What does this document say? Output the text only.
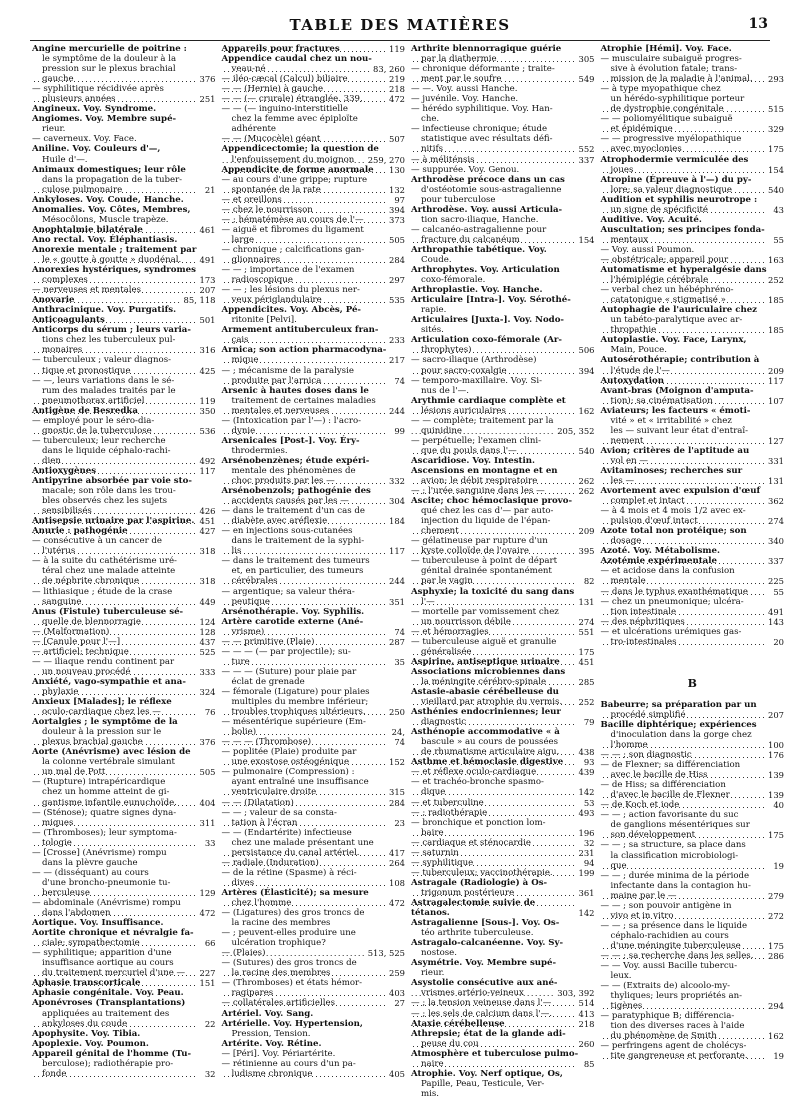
TABLE DES MATIÈRES	13
Angine mercurielle de poitrine :
le symptôme de la douleur à la
pression sur le plexus brachial
gauche	376
— syphilitique récidivée après
plusieurs années	251
Angineux. Voy. Syndrome.
Angiomes. Voy. Membre supé-
rieur.
— caverneux. Voy. Face.
Aniline. Voy. Couleurs d'—,
Huile d'—.
Animaux domestiques; leur rôle
dans la propagation de la tuber-
culose pulmonaire	21
Ankyloses. Voy. Coude, Hanche.
Anomalies. Voy. Côtes, Membres,
Mésocôlons, Muscle trapèze.
Anophtalmie bilatérale	461
Ano rectal. Voy. Éléphantiasis.
Anorexie mentale ; traitement par
le « goutte à goutte » duodénal.	491
Anorexies hystériques, syndromes
complexes	173
— nerveuses et mentales	207
Anovarie	85, 118
Anthracinique. Voy. Purgatifs.
Anticoagulants	501
Anticorps du sérum ; leurs varia-
tions chez les tuberculeux pul-
monaires	316
— tuberculeux ; valeur diagnos-
tique et pronostique	425
— —, leurs variations dans le sé-
rum des malades traités par le
pneumothorax artificiel	119
Antigène de Besredka	350
— employé pour le séro-dia-
gnostic de la tuberculose	536
— tuberculeux; leur recherche
dans le liquide céphalo-rachi-
dien	492
Antioxygènes	117
Antipyrine absorbée par voie sto-
macale; son rôle dans les trou-
bles observés chez les sujets
sensibilisés	426
Antisepsie urinaire par l'aspirine. 451
Anurie : pathogénie	427
— consécutive à un cancer de
l'utérus	318
— à la suite du cathétérisme uré-
téral chez une malade atteinte
de néphrite chronique	318
— lithiasique ; étude de la crase
sanguine	449
Anus (Fistule) tuberculeuse sé-
quelle de blennorragie	124
— (Malformation)	128
— [Canule pour l'—]	437
— artificiel; technique	525
— — iliaque rendu continent par
un nouveau procédé	333
Anxiété, vago-sympathie et ana-
phylaxie	324
Anxieux [Malades]; le réflexe
oculo-cardiaque chez les —	76
Aortalgies ; le symptôme de la
douleur à la pression sur le
plexus brachial gauche	376
Aorte (Anévrisme) avec lésion de
la colonne vertébrale simulant
un mal de Pott	505
— (Rupture) intrapéricardique
chez un homme atteint de gi-
gantisme infantile eunuchoïde.	404
— (Sténose); quatre signes dyna-
miques	311
— (Thromboses); leur symptoma-
tologie	33
— [Crosse] (Anévrisme) rompu
dans la plèvre gauche
— — (disséquant) au cours
d'une broncho-pneumonie tu-
berculeuse	129
— abdominale (Anévrisme) rompu
dans l'abdomen	472
Aortique. Voy. Insuffisance.
Aortite chronique et névralgie fa-
ciale; sympathectomie	66
— syphilitique; apparition d'une
insuffisance aortique au cours
du traitement mercuriel d'une —	227
Aphasie transcorticale	151
Aphasie congénitale. Voy. Peau.
Aponévroses (Transplantations)
appliquées au traitement des
ankyloses du coude	22
Apophysite. Voy. Tibia.
Apoplexie. Voy. Poumon.
Appareil génital de l'homme (Tu-
berculose); radiothérapie pro-
fonde	32
Appareils pour fractures	119
Appendice caudal chez un nou-
veau-né	83, 260
— iléo-cæcal (Calcul) biliaire	219
— — (Hernie) à gauche	218
— — (— crurale) étranglée. 339,	472
— — (— inguino-interstitielle
chez la femme avec épiploïte
adhérente
— — (Mucocèle) géant	507
Appendicectomie; la question de
l'enfouissement du moignon	259, 270
Appendicite de forme anormale	130
— au cours d'une grippe; rupture
spontanée de la rate	132
— et oreillons	97
— chez le nourrisson	394
— ; hématémèse au cours de l'—	373
— aiguë et fibromes du ligament
large	505
— chronique ; calcifications gan-
glionnaires	284
— — ; importance de l'examen
radioscopique	297
— — ; les lésions du plexus ner-
veux périglandulaire	535
Appendicites. Voy. Abcès, Pé-
ritonite [Pelvi].
Armement antituberculeux fran-
çais	233
Arnica; son action pharmacodyna-
mique	217
— ; mécanisme de la paralysie
produite par l'arnica	74
Arsenic à hautes doses dans le
traitement de certaines maladies
mentales et nerveuses	244
— (Intoxication par l'—) : l'acro-
dynie	99
Arsenicales [Post-]. Voy. Éry-
throdermies.
Arsénobenzènes; étude expéri-
mentale des phénomènes de
choc produits par les —	332
Arsénobenzols; pathogénie des
accidents causés par les —	304
— dans le traitement d'un cas de
diabète avec aréflexie	184
— en injections sous-cutanées
dans le traitement de la syphi-
lis	117
— dans le traitement des tumeurs
et, en particulier, des tumeurs
cérébrales	244
— argentique; sa valeur théra-
peutique	351
Arsénothérapie. Voy. Syphilis.
Artère carotide externe (Ané-
vrisme)	74
— — primitive (Plaie)	287
— — — (— par projectile); su-
ture	35
— — — (Suture) pour plaie par
éclat de grenade
— fémorale (Ligature) pour plaies
multiples du membre inférieur;
troubles trophiques ultérieurs.	250
— mésentérique supérieure (Em-
bolie)	24,
— — — (Thrombose)	74
— poplitée (Plaie) produite par
une exostose ostéogénique	152
— pulmonaire (Compression) :
ayant entraîné une insuffisance
ventriculaire droite	315
— — (Dilatation)	284
— — ; valeur de sa consta-
tation à l'écran	23
— — (Endartérite) infectieuse
chez une malade présentant une
persistance du canal artériel.	417
— radiale (Induration)	264
— de la rétine (Spasme) à réci-
dives	108
Artères (Élasticité); sa mesure
chez l'homme	472
— (Ligatures) des gros troncs de
la racine des membres
— ; peuvent-elles produire une
ulcération trophique?
— (Plaies)	513, 525
— (Sutures) des gros troncs de
la racine des membres	259
— (Thromboses) et états hémor-
ragipares	403
— collatérales artificielles	27
Artériel. Voy. Sang.
Artérielle. Voy. Hypertension,
Pression, Tension.
Artérite. Voy. Rétine.
— [Péri]. Voy. Périartérite.
— rétinienne au cours d'un pa-
ludisme chronique	405
Arthrite blennorragique guérie
par la diathermie	305
— chronique déformante ; traite-
ment par le soufre	549
— —. Voy. aussi Hanche.
— juvénile. Voy. Hanche.
— hérédo syphilitique. Voy. Han-
che.
— infectieuse chronique; étude
statistique avec résultats défi-
nitifs	552
— à méliténsis	337
— suppurée. Voy. Genou.
Arthrodèse précoce dans un cas
d'ostéotomie sous-astragalienne
pour tuberculose
Arthrodèse. Voy. aussi Articula-
tion sacro-iliaque, Hanche.
— calcanéo-astragalienne pour
fracture du calcanéum	154
Arthropathie tabétique. Voy.
Coude.
Arthrophytes. Voy. Articulation
coxo-fémorale.
Arthroplastie. Voy. Hanche.
Articulaire [Intra-]. Voy. Sérothé-
rapie.
Articulaires [Juxta-]. Voy. Nodo-
sités.
Articulation coxo-fémorale (Ar-
throphytes)	506
— sacro-iliaque (Arthrodèse)
pour sacro-coxalgie	394
— temporo-maxillaire. Voy. Si-
nus de l'—.
Arythmie cardiaque complète et
lésions auriculaires	162
— — complète; traitement par la
quinidine	205, 352
— perpétuelle; l'examen clini-
que du pouls dans l'—	540
Ascaridiose. Voy. Intestin.
Ascensions en montagne et en
avion; le débit respiratoire	262
— ; l'urée sanguine dans les —	262
Ascite; choc hémoclasique provo-
qué chez les cas d'— par auto-
injection du liquide de l'épan-
chement	209
— gélatineuse par rupture d'un
kyste colloïde de l'ovaire	395
— tuberculeuse à point de départ
génital drainée spontanément
par le vagin	82
Asphyxie; la toxicité du sang dans
l'—	131
— mortelle par vomissement chez
un nourrisson débile	274
— et hémorragies	551
— tuberculeuse aiguë et granulie
généralisée	175
Aspirine, antiseptique urinaire	451
Associations microbiennes dans
la méningite cérébro-spinale	285
Astasie-abasie cérébelleuse du
vieillard par atrophie du vermis.	252
Asthénies endocriniennes; leur
diagnostic	79
Asthénopie accommodative « à
bascule » au cours de poussées
de rhumatisme articulaire aigu.	438
Asthme et hémoclasie digestive	93
— et réflexe oculo-cardiaque	439
— et trachéo-bronche spasmo-
dique	142
— et tuberculine	53
— ; radiothérapie	493
— bronchique et ponction lom-
baire	196
— cardiaque et sténocardie	32
— saturnin	231
— syphilitique	94
— tuberculeux; vaccinothérapie.	199
Astragale (Radiologie) à Os-
trigonum postérieure	361
Astragalectomie suivie de tétanos.	142
Astragalienne [Sous-]. Voy. Os-
téo arthrite tuberculeuse.
Astragalo-calcanéenne. Voy. Sy-
nostose.
Asymétrie. Voy. Membre supé-
rieur.
Asystolie consécutive aux ané-
vrismes artério-veineux	303, 392
— ; la tension veineuse dans l'—	514
— ; les sels de calcium dans l'—.	413
Ataxie cérébelleuse	218
Athrepsie; état de la glande adi-
peuse du cou	260
Atmosphère et tuberculose pulmo-
naire	85
Atrophie. Voy. Nerf optique, Os,
Papille, Peau, Testicule, Ver-
mis.
Atrophie [Hémi]. Voy. Face.
— musculaire subaiguë progres-
sive à évolution fatale; trans-
mission de la maladie à l'animal.	293
— à type myopathique chez
un hérédo-syphilitique porteur
de dystrophie congénitale	515
— — poliomyélitique subaiguë
et épidémique	329
— — progressive myélopathique
avec myoclonies	175
Atrophodermie vermiculée des
joues	154
Atropine (Épreuve à l'—) du py-
lore; sa valeur diagnostique	540
Audition et syphilis neurotrope :
un signe de spécificité	43
Auditive. Voy. Acuité.
Auscultation; ses principes fonda-
mentaux	55
— Voy. aussi Poumon.
— obstétricale; appareil pour	163
Automatisme et hyperalgésie dans
l'hémiplégie cérébrale	252
— verbal chez un hébéphréno-
catatonique « stigmatisé »	185
Autophagie de l'auriculaire chez
un tabéto-paralytique avec ar-
thropathie	185
Autoplastie. Voy. Face, Larynx,
Main, Pouce.
Autosérothérapie; contribution à
l'étude de l'—	209
Autoxydation	117
Avant-bras (Moignon d'amputa-
tion); sa cinématisation	107
Aviateurs; les facteurs « émoti-
vité » et « irritabilité » chez
les — suivant leur état d'entraî-
nement	127
Avion; critères de l'aptitude au
vol en —	331
Avitaminoses; recherches sur
les —	131
Avortement avec expulsion d'œuf
complet et intact	362
— à 4 mois et 4 mois 1/2 avec ex-
pulsion d'œuf intact	274
Azote total non protéique; son
dosage	340
Azoté. Voy. Métabolisme.
Azotémie expérimentale	337
— et acidose dans la confusion
mentale	225
— dans le typhus exanthématique	55
— chez un pneumonique; ulcéra-
tion intestinale	491
— des néphritiques	143
— et ulcérations urémiques gas-
tro-intestinales	20
B
Babeurre; sa préparation par un
procédé simplifié	207
Bacille diphtérique; expériences
d'inoculation dans la gorge chez
l'homme	100
— — ; son diagnostic	176
— de Flexner; sa différenciation
avec le bacille de Hiss	139
— de Hiss; sa différenciation
d'avec le bacille de Flexner	139
— de Koch et iode	40
— — ; action favorisante du suc
de ganglions mésentériques sur
son développement	175
— — ; sa structure, sa place dans
la classification microbiologi-
que	19
— — ; durée minima de la période
infectante dans la contagion hu-
maine par le —	279
— — ; son pouvoir antigène in
vivo et in vitro	272
— — ; sa présence dans le liquide
céphalo-rachidien au cours
d'une méningite tuberculeuse	175
— — ; sa recherche dans les selles.	286
— — Voy. aussi Bacille tubercu-
leux.
— — (Extraits de) alcoolo-my-
thyliques; leurs propriétés an-
tigènes	294
— paratyphique B; différencia-
tion des diverses races à l'aide
du phénomène de Smith	162
— perfringens agent de cholécys-
tite gangreneuse et perforante.	19
